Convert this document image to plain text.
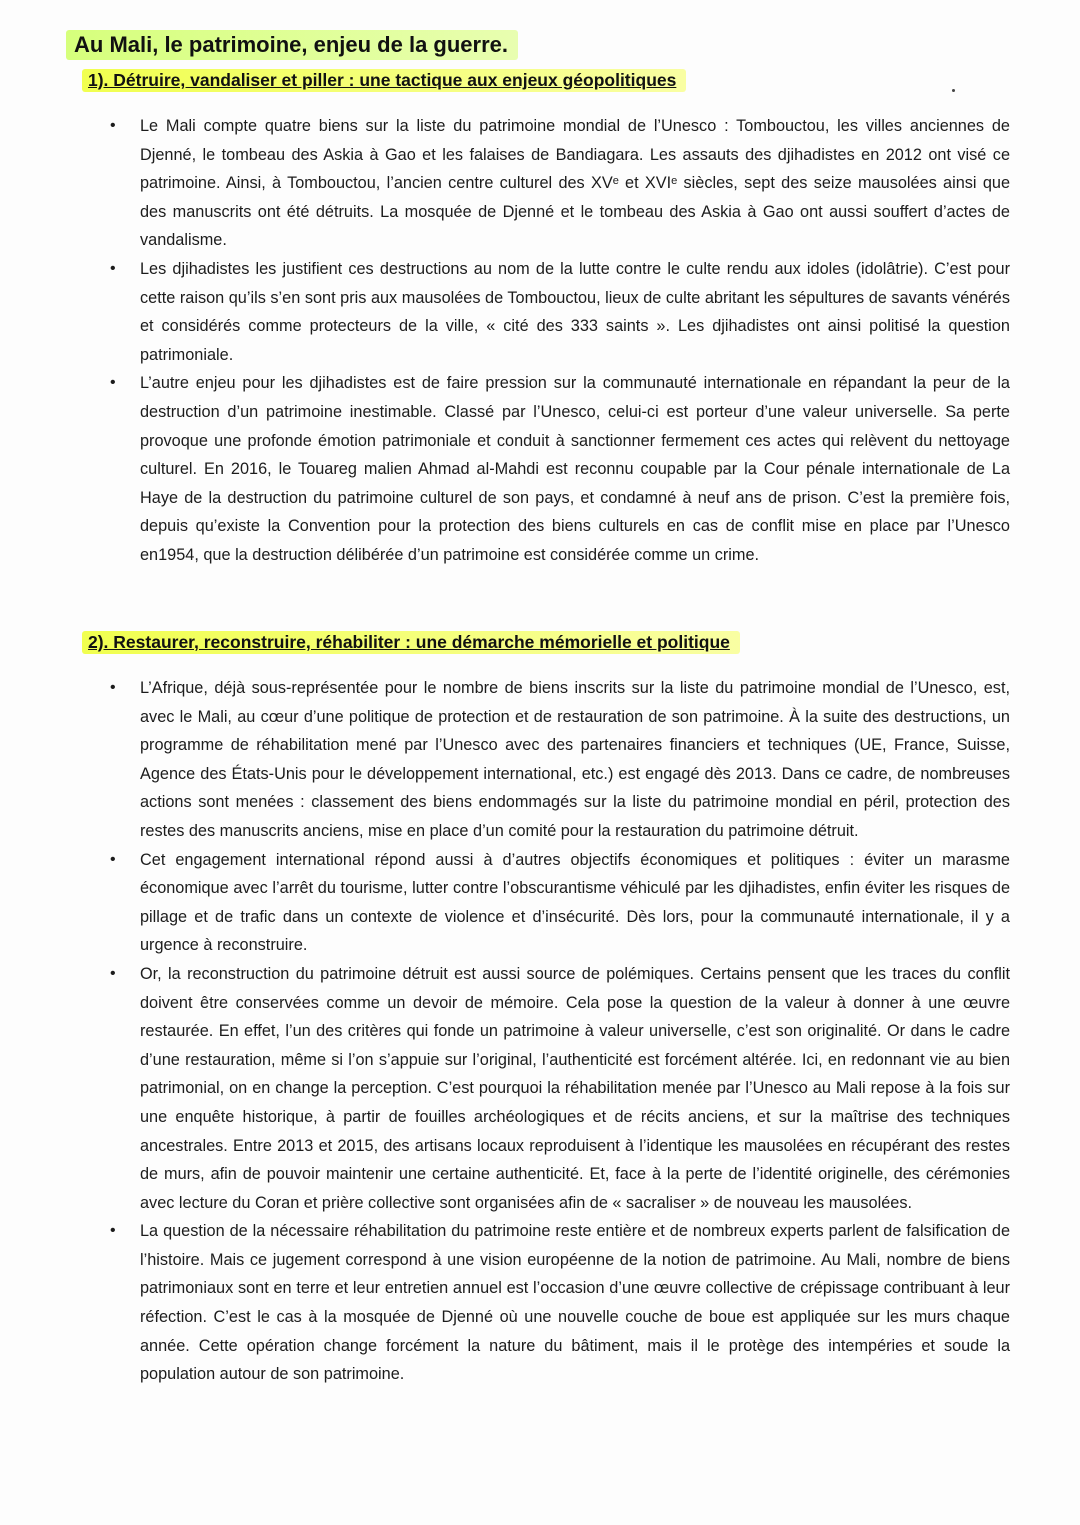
Au Mali, le patrimoine, enjeu de la guerre.
1). Détruire, vandaliser et piller : une tactique aux enjeux géopolitiques
• Le Mali compte quatre biens sur la liste du patrimoine mondial de l’Unesco : Tombouctou, les villes anciennes de Djenné, le tombeau des Askia à Gao et les falaises de Bandiagara. Les assauts des djihadistes en 2012 ont visé ce patrimoine. Ainsi, à Tombouctou, l’ancien centre culturel des XVᵉ et XVIᵉ siècles, sept des seize mausolées ainsi que des manuscrits ont été détruits. La mosquée de Djenné et le tombeau des Askia à Gao ont aussi souffert d’actes de vandalisme.
• Les djihadistes les justifient ces destructions au nom de la lutte contre le culte rendu aux idoles (idolâtrie). C’est pour cette raison qu’ils s’en sont pris aux mausolées de Tombouctou, lieux de culte abritant les sépultures de savants vénérés et considérés comme protecteurs de la ville, « cité des 333 saints ». Les djihadistes ont ainsi politisé la question patrimoniale.
• L’autre enjeu pour les djihadistes est de faire pression sur la communauté internationale en répandant la peur de la destruction d’un patrimoine inestimable. Classé par l’Unesco, celui-ci est porteur d’une valeur universelle. Sa perte provoque une profonde émotion patrimoniale et conduit à sanctionner fermement ces actes qui relèvent du nettoyage culturel. En 2016, le Touareg malien Ahmad al-Mahdi est reconnu coupable par la Cour pénale internationale de La Haye de la destruction du patrimoine culturel de son pays, et condamné à neuf ans de prison. C’est la première fois, depuis qu’existe la Convention pour la protection des biens culturels en cas de conflit mise en place par l’Unesco en1954, que la destruction délibérée d’un patrimoine est considérée comme un crime.
2). Restaurer, reconstruire, réhabiliter : une démarche mémorielle et politique
• L’Afrique, déjà sous-représentée pour le nombre de biens inscrits sur la liste du patrimoine mondial de l’Unesco, est, avec le Mali, au cœur d’une politique de protection et de restauration de son patrimoine. À la suite des destructions, un programme de réhabilitation mené par l’Unesco avec des partenaires financiers et techniques (UE, France, Suisse, Agence des États-Unis pour le développement international, etc.) est engagé dès 2013. Dans ce cadre, de nombreuses actions sont menées : classement des biens endommagés sur la liste du patrimoine mondial en péril, protection des restes des manuscrits anciens, mise en place d’un comité pour la restauration du patrimoine détruit.
• Cet engagement international répond aussi à d’autres objectifs économiques et politiques : éviter un marasme économique avec l’arrêt du tourisme, lutter contre l’obscurantisme véhiculé par les djihadistes, enfin éviter les risques de pillage et de trafic dans un contexte de violence et d’insécurité. Dès lors, pour la communauté internationale, il y a urgence à reconstruire.
• Or, la reconstruction du patrimoine détruit est aussi source de polémiques. Certains pensent que les traces du conflit doivent être conservées comme un devoir de mémoire. Cela pose la question de la valeur à donner à une œuvre restaurée. En effet, l’un des critères qui fonde un patrimoine à valeur universelle, c’est son originalité. Or dans le cadre d’une restauration, même si l’on s’appuie sur l’original, l’authenticité est forcément altérée. Ici, en redonnant vie au bien patrimonial, on en change la perception. C’est pourquoi la réhabilitation menée par l’Unesco au Mali repose à la fois sur une enquête historique, à partir de fouilles archéologiques et de récits anciens, et sur la maîtrise des techniques ancestrales. Entre 2013 et 2015, des artisans locaux reproduisent à l’identique les mausolées en récupérant des restes de murs, afin de pouvoir maintenir une certaine authenticité. Et, face à la perte de l’identité originelle, des cérémonies avec lecture du Coran et prière collective sont organisées afin de « sacraliser » de nouveau les mausolées.
• La question de la nécessaire réhabilitation du patrimoine reste entière et de nombreux experts parlent de falsification de l’histoire. Mais ce jugement correspond à une vision européenne de la notion de patrimoine. Au Mali, nombre de biens patrimoniaux sont en terre et leur entretien annuel est l’occasion d’une œuvre collective de crépissage contribuant à leur réfection. C’est le cas à la mosquée de Djenné où une nouvelle couche de boue est appliquée sur les murs chaque année. Cette opération change forcément la nature du bâtiment, mais il le protège des intempéries et soude la population autour de son patrimoine.
